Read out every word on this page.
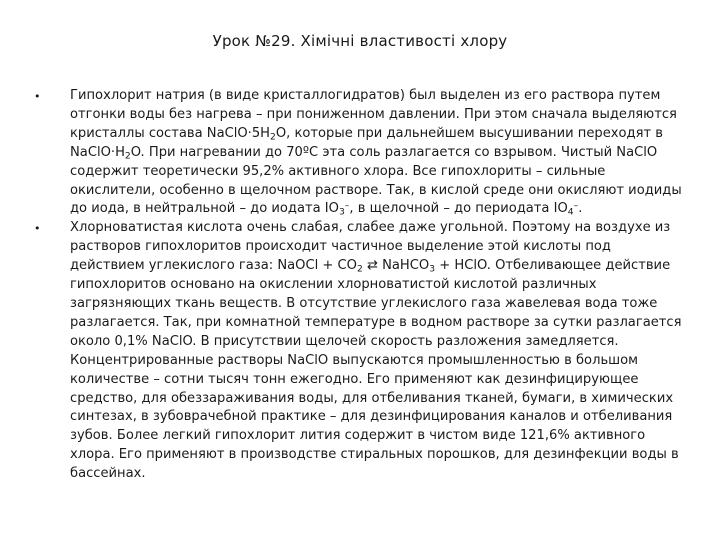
Урок №29. Хімічні властивості хлору
•	Гипохлорит натрия (в виде кристаллогидратов) был выделен из его раствора путем отгонки воды без нагрева – при пониженном давлении. При этом сначала выделяются кристаллы состава $NaClO\cdot 5H_2O$, которые при дальнейшем высушивании переходят в $NaClO\cdot H_2O$. При нагревании до 70ºС эта соль разлагается со взрывом. Чистый NaClO содержит теоретически 95,2% активного хлора. Все гипохлориты – сильные окислители, особенно в щелочном растворе. Так, в кислой среде они окисляют иодиды до иода, в нейтральной – до иодата $IO_3^-$, в щелочной – до периодата $IO_4^-$.
•	Хлорноватистая кислота очень слабая, слабее даже угольной. Поэтому на воздухе из растворов гипохлоритов происходит частичное выделение этой кислоты под действием углекислого газа: NaOCl + $CO_2$ ⇄ NaHCO$_3$ + HClO. Отбеливающее действие гипохлоритов основано на окислении хлорноватистой кислотой различных загрязняющих ткань веществ. В отсутствие углекислого газа жавелевая вода тоже разлагается. Так, при комнатной температуре в водном растворе за сутки разлагается около 0,1% NaClO. В присутствии щелочей скорость разложения замедляется. Концентрированные растворы NaClO выпускаются промышленностью в большом количестве – сотни тысяч тонн ежегодно. Его применяют как дезинфицирующее средство, для обеззараживания воды, для отбеливания тканей, бумаги, в химических синтезах, в зубоврачебной практике – для дезинфицирования каналов и отбеливания зубов. Более легкий гипохлорит лития содержит в чистом виде 121,6% активного хлора. Его применяют в производстве стиральных порошков, для дезинфекции воды в бассейнах.
